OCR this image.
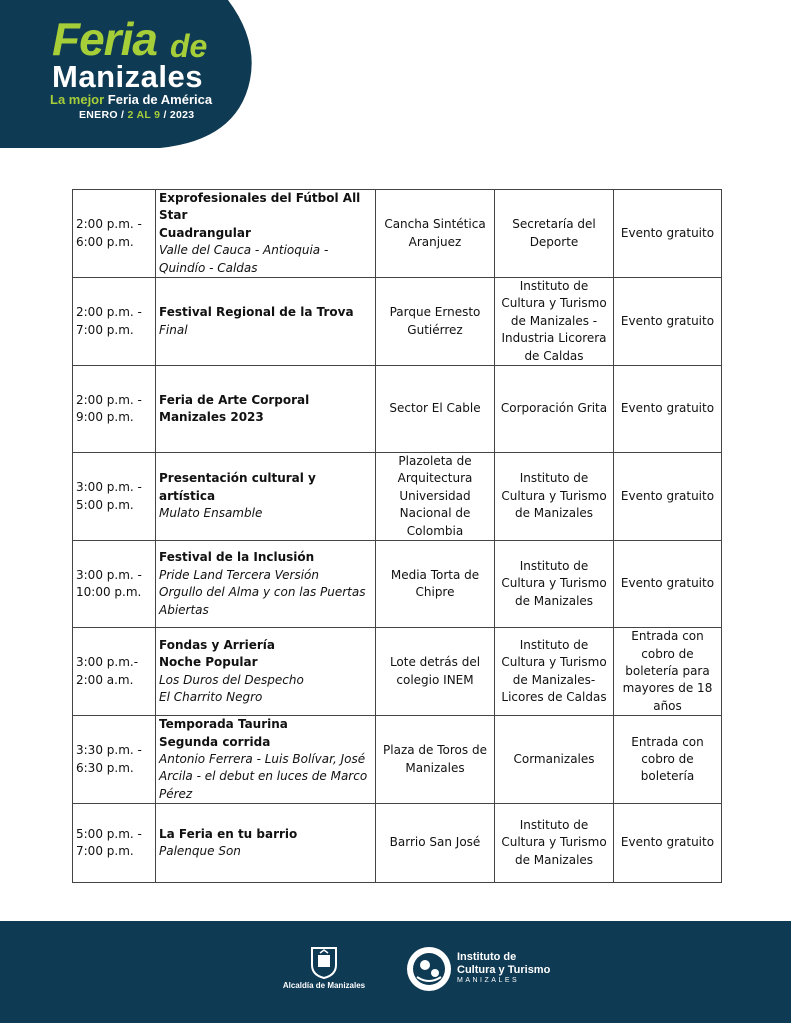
Feria de
Manizales
La mejor Feria de América
ENERO / 2 AL 9 / 2023
2:00 p.m. -
6:00 p.m.	Exprofesionales del Fútbol All Star
Cuadrangular
Valle del Cauca - Antioquia - Quindío - Caldas	Cancha Sintética Aranjuez	Secretaría del Deporte	Evento gratuito

2:00 p.m. -
7:00 p.m.	Festival Regional de la Trova
Final	Parque Ernesto Gutiérrez	Instituto de Cultura y Turismo de Manizales - Industria Licorera de Caldas	Evento gratuito

2:00 p.m. -
9:00 p.m.	Feria de Arte Corporal Manizales 2023	Sector El Cable	Corporación Grita	Evento gratuito

3:00 p.m. -
5:00 p.m.	Presentación cultural y artística
Mulato Ensamble	Plazoleta de Arquitectura Universidad Nacional de Colombia	Instituto de Cultura y Turismo de Manizales	Evento gratuito

3:00 p.m. -
10:00 p.m.	Festival de la Inclusión
Pride Land Tercera Versión
Orgullo del Alma y con las Puertas Abiertas	Media Torta de Chipre	Instituto de Cultura y Turismo de Manizales	Evento gratuito

3:00 p.m.-
2:00 a.m.	Fondas y Arriería
Noche Popular
Los Duros del Despecho
El Charrito Negro	Lote detrás del colegio INEM	Instituto de Cultura y Turismo de Manizales- Licores de Caldas	Entrada con cobro de boletería para mayores de 18 años

3:30 p.m. -
6:30 p.m.	Temporada Taurina
Segunda corrida
Antonio Ferrera - Luis Bolívar, José Arcila - el debut en luces de Marco Pérez	Plaza de Toros de Manizales	Cormanizales	Entrada con cobro de boletería

5:00 p.m. -
7:00 p.m.	La Feria en tu barrio
Palenque Son	Barrio San José	Instituto de Cultura y Turismo de Manizales	Evento gratuito
Alcaldía de Manizales
Instituto de
Cultura y Turismo
MANIZALES
